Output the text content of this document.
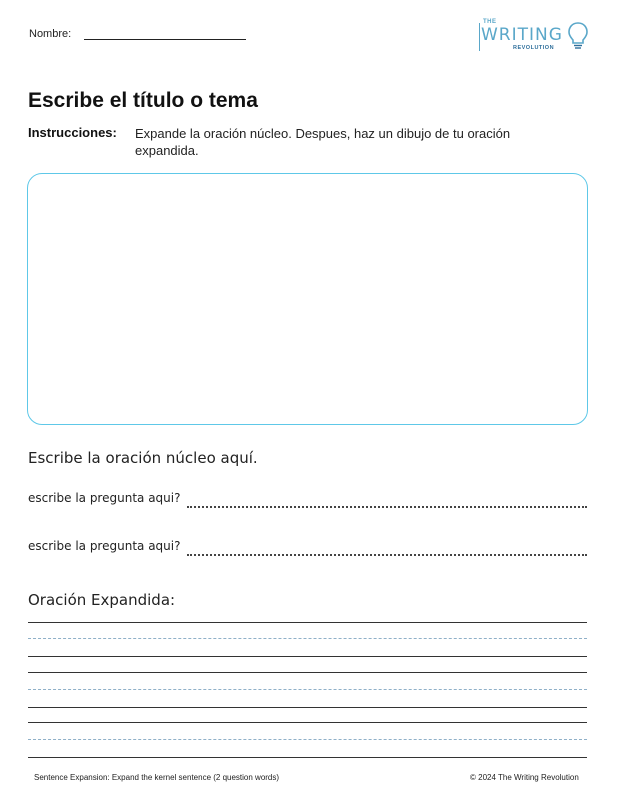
Nombre:
THE
WRITING
REVOLUTION
Escribe el título o tema
Instrucciones: Expande la oración núcleo. Despues, haz un dibujo de tu oración expandida.
Escribe la oración núcleo aquí.
escribe la pregunta aqui?
escribe la pregunta aqui?
Oración Expandida:
Sentence Expansion: Expand the kernel sentence (2 question words)	© 2024 The Writing Revolution
